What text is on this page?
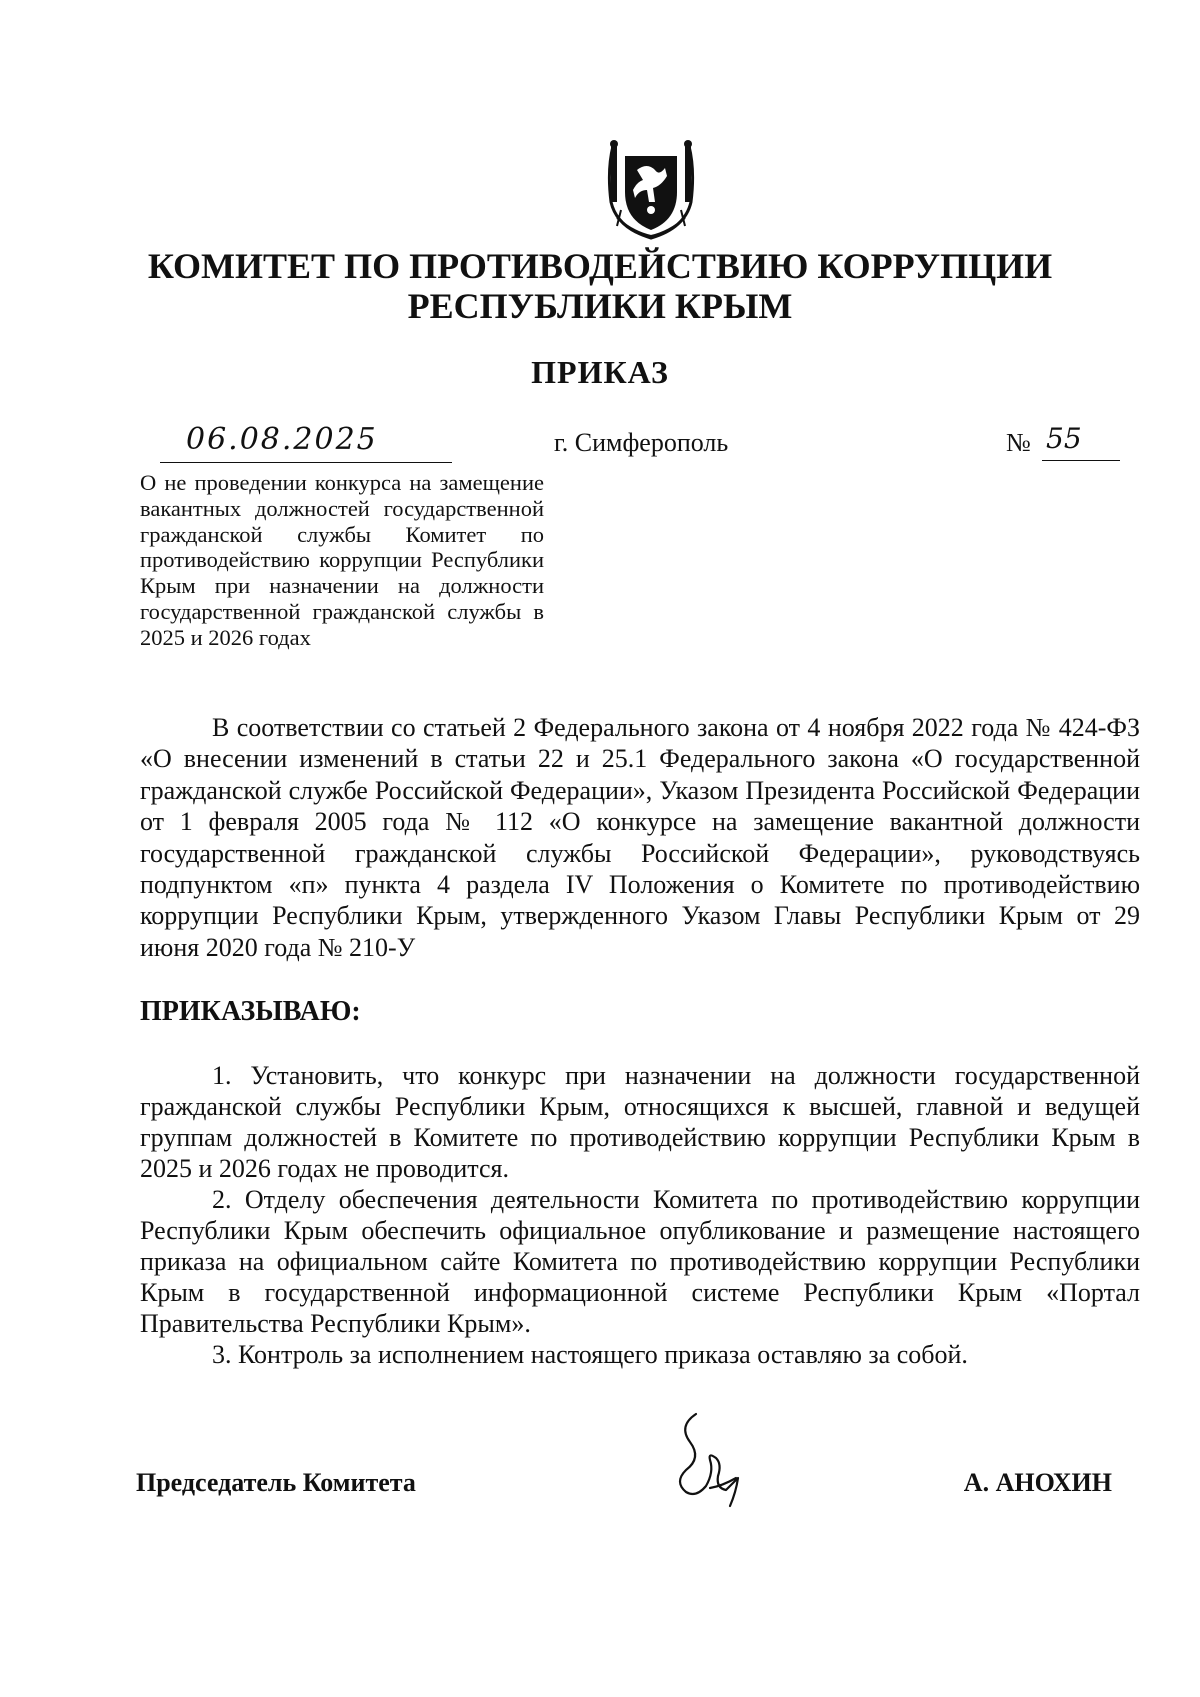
КОМИТЕТ ПО ПРОТИВОДЕЙСТВИЮ КОРРУПЦИИ
РЕСПУБЛИКИ КРЫМ
ПРИКАЗ
06.08.2025	г. Симферополь	№ 55
О не проведении конкурса на замещение вакантных должностей государственной гражданской службы Комитет по противодействию коррупции Республики Крым при назначении на должности государственной гражданской службы в 2025 и 2026 годах
В соответствии со статьей 2 Федерального закона от 4 ноября 2022 года № 424-ФЗ «О внесении изменений в статьи 22 и 25.1 Федерального закона «О государственной гражданской службе Российской Федерации», Указом Президента Российской Федерации от 1 февраля 2005 года № 112 «О конкурсе на замещение вакантной должности государственной гражданской службы Российской Федерации», руководствуясь подпунктом «п» пункта 4 раздела IV Положения о Комитете по противодействию коррупции Республики Крым, утвержденного Указом Главы Республики Крым от 29 июня 2020 года № 210-У
ПРИКАЗЫВАЮ:

1. Установить, что конкурс при назначении на должности государственной гражданской службы Республики Крым, относящихся к высшей, главной и ведущей группам должностей в Комитете по противодействию коррупции Республики Крым в 2025 и 2026 годах не проводится.

2. Отделу обеспечения деятельности Комитета по противодействию коррупции Республики Крым обеспечить официальное опубликование и размещение настоящего приказа на официальном сайте Комитета по противодействию коррупции Республики Крым в государственной информационной системе Республики Крым «Портал Правительства Республики Крым».

3. Контроль за исполнением настоящего приказа оставляю за собой.

Председатель Комитета	А. АНОХИН
